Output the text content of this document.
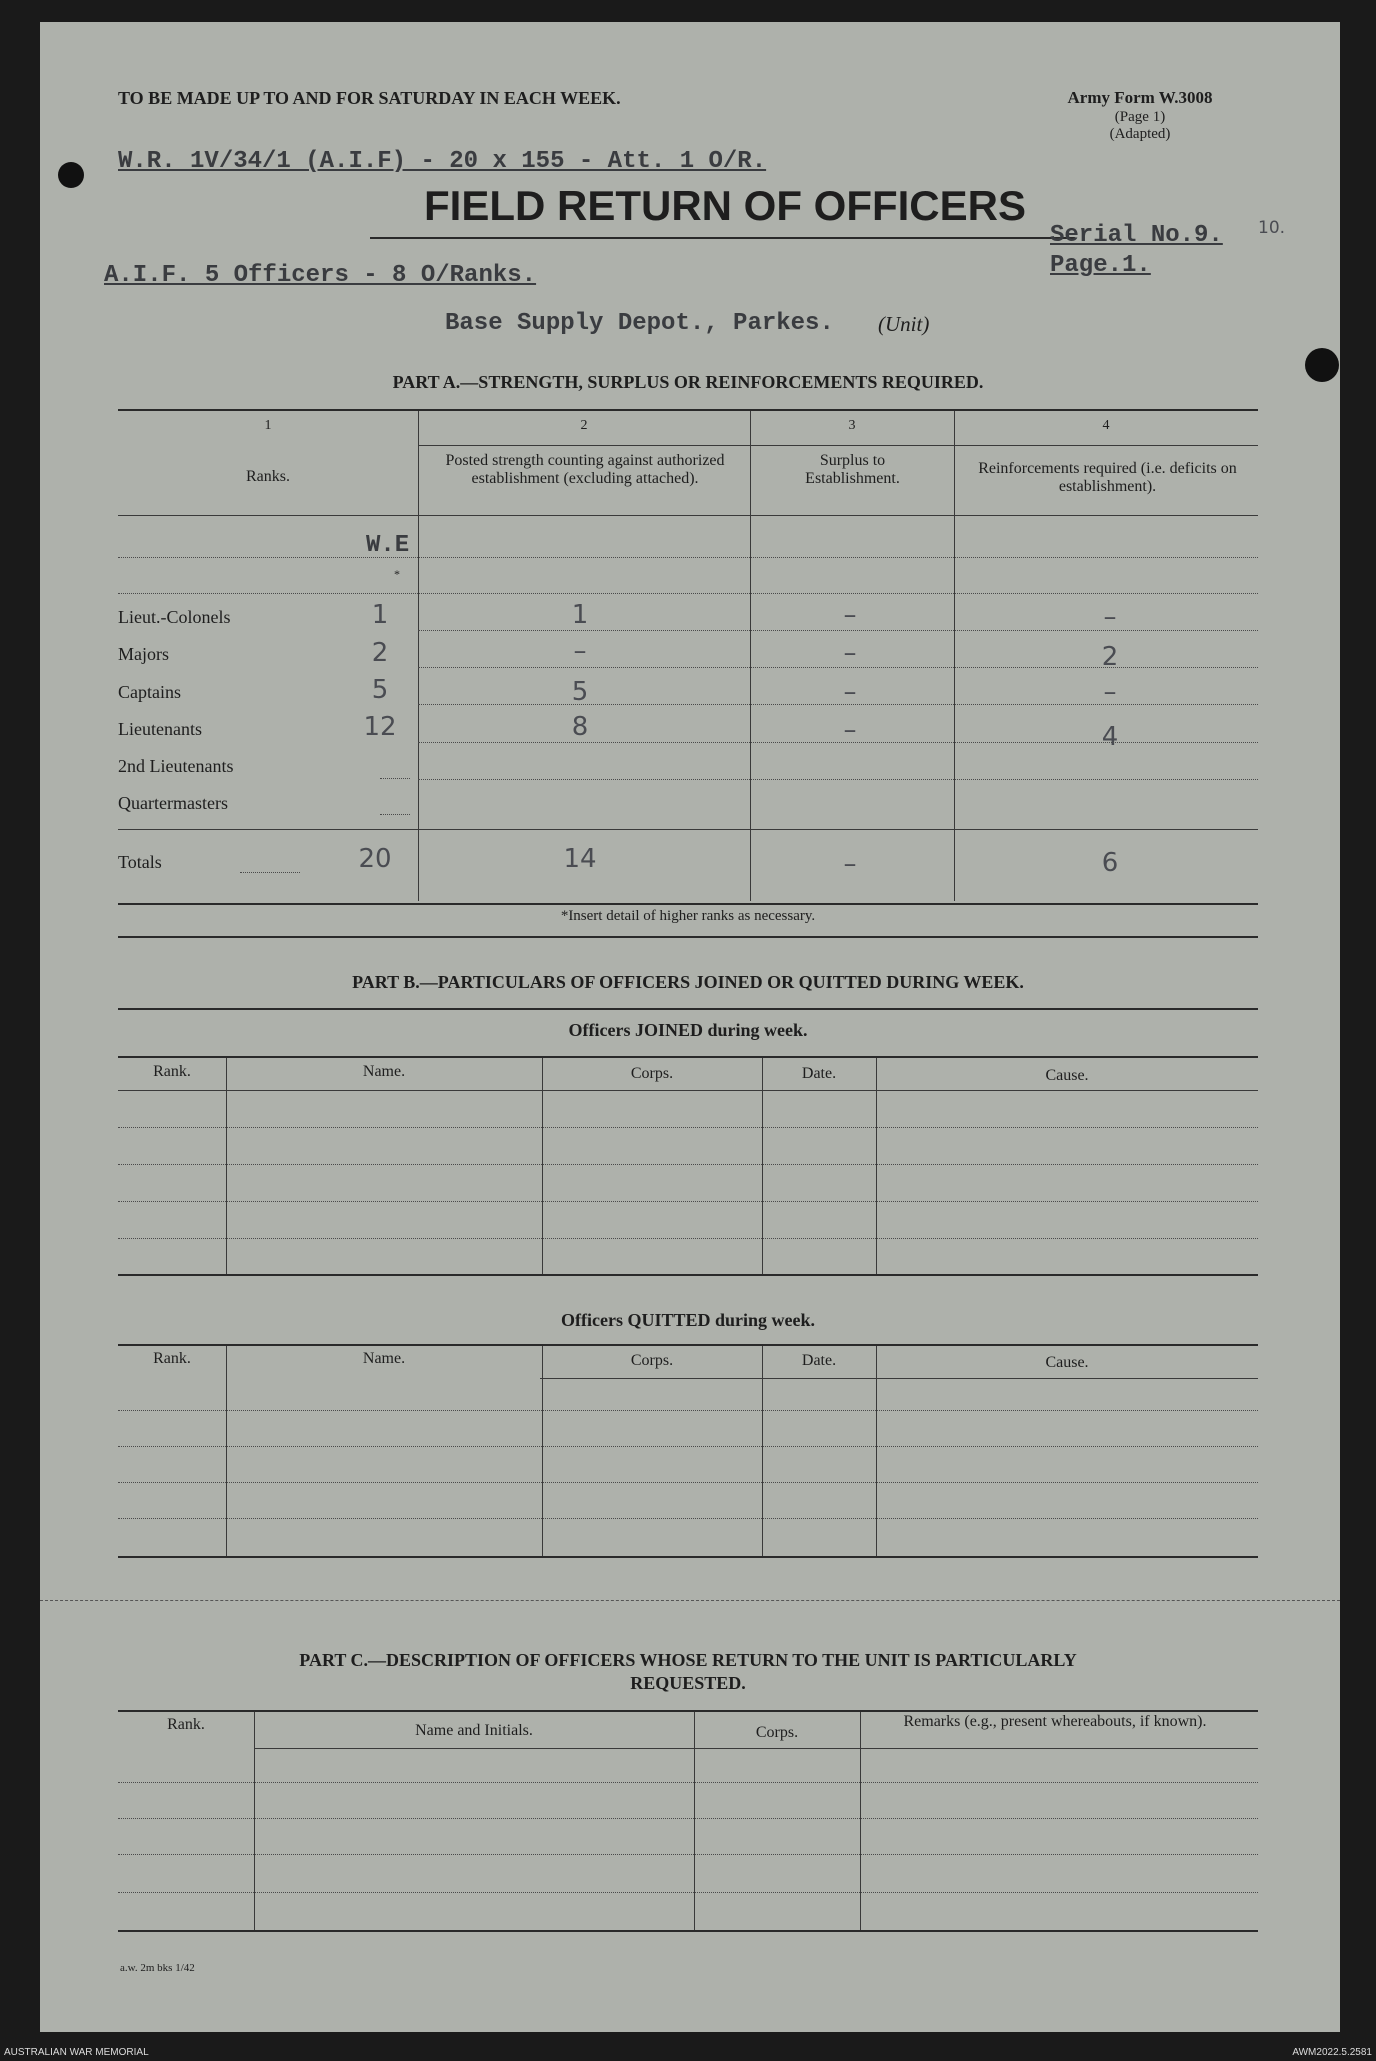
TO BE MADE UP TO AND FOR SATURDAY IN EACH WEEK.	Army Form W.3008
(Page 1)
(Adapted)
W.R. 1V/34/1 (A.I.F) - 20 x 155 - Att. 1 O/R.
FIELD RETURN OF OFFICERS
Serial No.9. 10.
Page.1.
A.I.F. 5 Officers - 8 O/Ranks.
Base Supply Depot., Parkes. (Unit)
PART A.—STRENGTH, SURPLUS OR REINFORCEMENTS REQUIRED.
1	2	3	4
Ranks.
Posted strength counting against authorized establishment (excluding attached).
Surplus to Establishment.
Reinforcements required (i.e. deficits on establishment).
W.E
*
Lieut.-Colonels	1	1	–	–
Majors	2	–	–	2
Captains	5	5	–	–
Lieutenants	12	8	–	4
2nd Lieutenants
Quartermasters
Totals	20	14	–	6
*Insert detail of higher ranks as necessary.
PART B.—PARTICULARS OF OFFICERS JOINED OR QUITTED DURING WEEK.
Officers JOINED during week.
Rank.	Name.	Corps.	Date.	Cause.
Officers QUITTED during week.
Rank.	Name.	Corps.	Date.	Cause.
PART C.—DESCRIPTION OF OFFICERS WHOSE RETURN TO THE UNIT IS PARTICULARLY
REQUESTED.
Rank.	Name and Initials.	Corps.
Remarks (e.g., present whereabouts, if known).
a.w. 2m bks 1/42
AUSTRALIAN WAR MEMORIAL	AWM2022.5.2581
